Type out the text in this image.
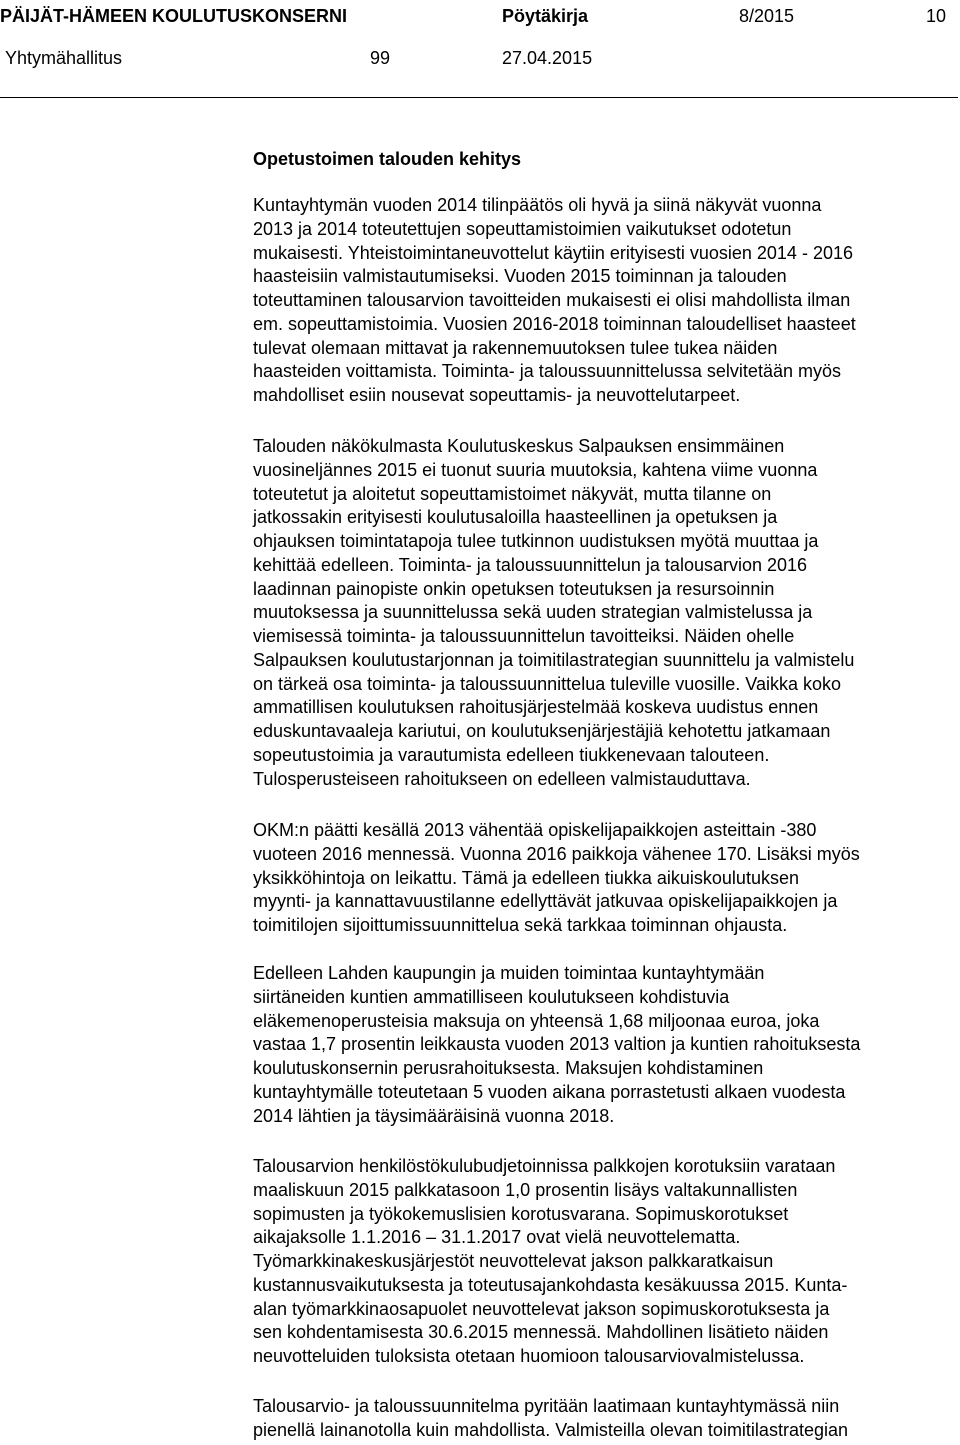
PÄIJÄT-HÄMEEN KOULUTUSKONSERNI	Pöytäkirja	8/2015	10
Yhtymähallitus	99	27.04.2015
Opetustoimen talouden kehitys
Kuntayhtymän vuoden 2014 tilinpäätös oli hyvä ja siinä näkyvät vuonna
2013 ja 2014 toteutettujen sopeuttamistoimien vaikutukset odotetun
mukaisesti. Yhteistoimintaneuvottelut käytiin erityisesti vuosien 2014 - 2016
haasteisiin valmistautumiseksi. Vuoden 2015 toiminnan ja talouden
toteuttaminen talousarvion tavoitteiden mukaisesti ei olisi mahdollista ilman
em. sopeuttamistoimia. Vuosien 2016-2018 toiminnan taloudelliset haasteet
tulevat olemaan mittavat ja rakennemuutoksen tulee tukea näiden
haasteiden voittamista. Toiminta- ja taloussuunnittelussa selvitetään myös
mahdolliset esiin nousevat sopeuttamis- ja neuvottelutarpeet.
Talouden näkökulmasta Koulutuskeskus Salpauksen ensimmäinen
vuosineljännes 2015 ei tuonut suuria muutoksia, kahtena viime vuonna
toteutetut ja aloitetut sopeuttamistoimet näkyvät, mutta tilanne on
jatkossakin erityisesti koulutusaloilla haasteellinen ja opetuksen ja
ohjauksen toimintatapoja tulee tutkinnon uudistuksen myötä muuttaa ja
kehittää edelleen. Toiminta- ja taloussuunnittelun ja talousarvion 2016
laadinnan painopiste onkin opetuksen toteutuksen ja resursoinnin
muutoksessa ja suunnittelussa sekä uuden strategian valmistelussa ja
viemisessä toiminta- ja taloussuunnittelun tavoitteiksi. Näiden ohelle
Salpauksen koulutustarjonnan ja toimitilastrategian suunnittelu ja valmistelu
on tärkeä osa toiminta- ja taloussuunnittelua tuleville vuosille. Vaikka koko
ammatillisen koulutuksen rahoitusjärjestelmää koskeva uudistus ennen
eduskuntavaaleja kariutui, on koulutuksenjärjestäjiä kehotettu jatkamaan
sopeutustoimia ja varautumista edelleen tiukkenevaan talouteen.
Tulosperusteiseen rahoitukseen on edelleen valmistauduttava.
OKM:n päätti kesällä 2013 vähentää opiskelijapaikkojen asteittain -380
vuoteen 2016 mennessä. Vuonna 2016 paikkoja vähenee 170. Lisäksi myös
yksikköhintoja on leikattu. Tämä ja edelleen tiukka aikuiskoulutuksen
myynti- ja kannattavuustilanne edellyttävät jatkuvaa opiskelijapaikkojen ja
toimitilojen sijoittumissuunnittelua sekä tarkkaa toiminnan ohjausta.
Edelleen Lahden kaupungin ja muiden toimintaa kuntayhtymään
siirtäneiden kuntien ammatilliseen koulutukseen kohdistuvia
eläkemenoperusteisia maksuja on yhteensä 1,68 miljoonaa euroa, joka
vastaa 1,7 prosentin leikkausta vuoden 2013 valtion ja kuntien rahoituksesta
koulutuskonsernin perusrahoituksesta. Maksujen kohdistaminen
kuntayhtymälle toteutetaan 5 vuoden aikana porrastetusti alkaen vuodesta
2014 lähtien ja täysimääräisinä vuonna 2018.
Talousarvion henkilöstökulubudjetoinnissa palkkojen korotuksiin varataan
maaliskuun 2015 palkkatasoon 1,0 prosentin lisäys valtakunnallisten
sopimusten ja työkokemuslisien korotusvarana. Sopimuskorotukset
aikajaksolle 1.1.2016 – 31.1.2017 ovat vielä neuvottelematta.
Työmarkkinakeskusjärjestöt neuvottelevat jakson palkkaratkaisun
kustannusvaikutuksesta ja toteutusajankohdasta kesäkuussa 2015. Kunta-
alan työmarkkinaosapuolet neuvottelevat jakson sopimuskorotuksesta ja
sen kohdentamisesta 30.6.2015 mennessä. Mahdollinen lisätieto näiden
neuvotteluiden tuloksista otetaan huomioon talousarviovalmistelussa.
Talousarvio- ja taloussuunnitelma pyritään laatimaan kuntayhtymässä niin
pienellä lainanotolla kuin mahdollista. Valmisteilla olevan toimitilastrategian
